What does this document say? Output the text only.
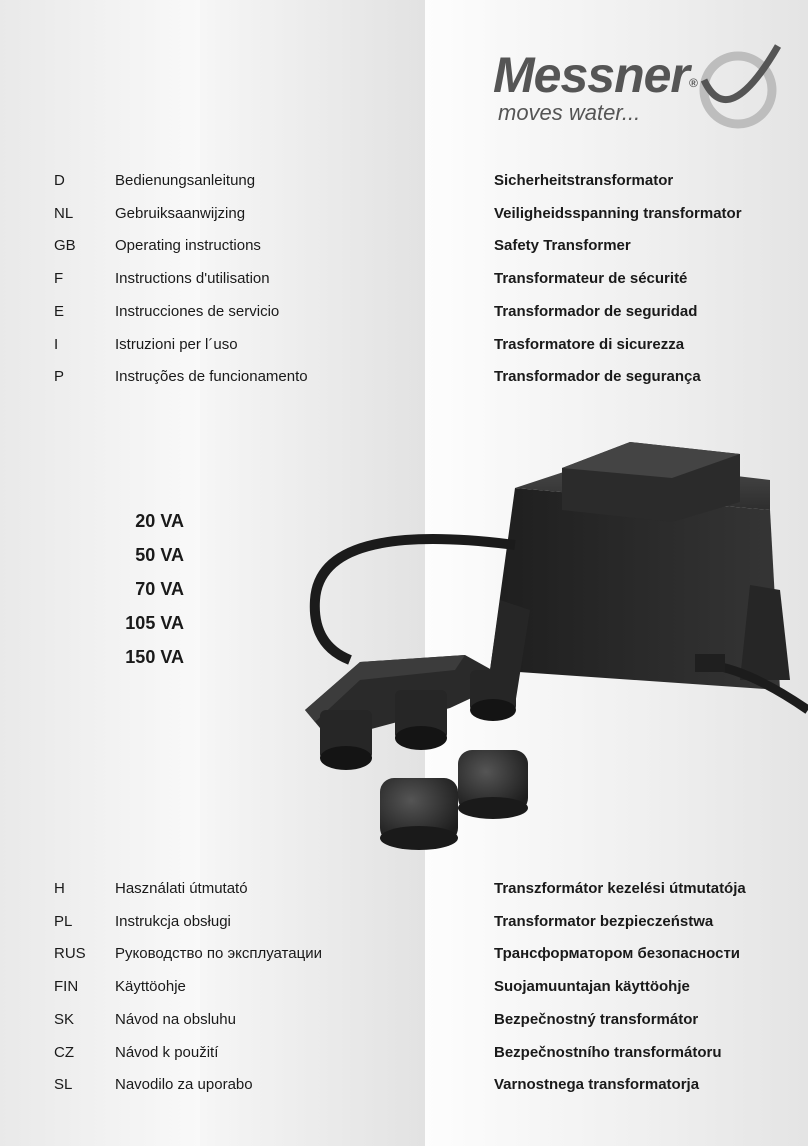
Messner®
moves water...
D	Bedienungsanleitung	Sicherheitstransformator
NL	Gebruiksaanwijzing	Veiligheidsspanning transformator
GB	Operating instructions	Safety Transformer
F	Instructions d'utilisation	Transformateur de sécurité
E	Instrucciones de servicio	Transformador de seguridad
I	Istruzioni per l´uso	Trasformatore di sicurezza
P	Instruções de funcionamento	Transformador de segurança
20 VA
50 VA
70 VA
105 VA
150 VA
H	Használati útmutató	Transzformátor kezelési útmutatója
PL	Instrukcja obsługi	Transformator bezpieczeństwa
RUS Руководство по эксплуатации	Трансформатором безопасности
FIN Käyttöohje	Suojamuuntajan käyttöohje
SK	Návod na obsluhu	Bezpečnostný transformátor
CZ	Návod k použití	Bezpečnostního transformátoru
SL	Navodilo za uporabo	Varnostnega transformatorja
